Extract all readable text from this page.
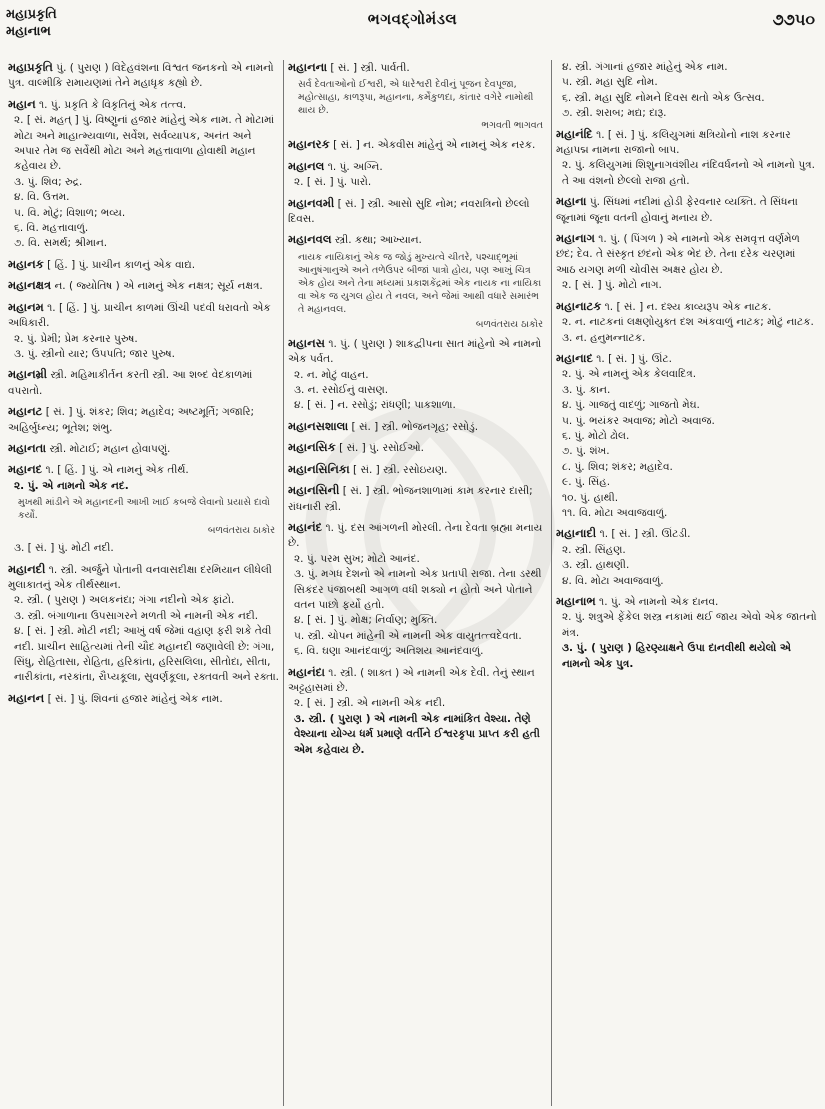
મહાપ્રકૃતિ
મહાનાભ
ભગવદ્ગોમંડલ	૭૭૫૦

મહાપ્રકૃતિ પું. ( પુરાણ ) વિદેહવંશના વિશ્વત જનકનો એ નામનો પુત્ર. વાલ્મીકિ રામાયણમાં તેને મહાધૃક કહ્યો છે.

મહાન ૧. પું. પ્રકૃતિ કે વિકૃતિનું એક તત્ત્વ.

૨. [ સં. મહત્ ] પું. વિષ્ણુનાં હજાર માંહેનું એક નામ. તે મોટામાં મોટા અને માહાત્મ્યવાળા, સર્વેશ, સર્વવ્યાપક, અનંત અને અપાર તેમ જ સર્વેથી મોટા અને મહત્તાવાળા હોવાથી મહાન કહેવાય છે.

૩. પું. શિવ; રુદ્ર.

૪. વિ. ઉત્તમ.

૫. વિ. મોટું; વિશાળ; ભવ્ય.

૬. વિ. મહત્તાવાળું.

૭. વિ. સમર્થ; શ્રીમાન.

મહાનક [ હિં. ] પું. પ્રાચીન કાળનું એક વાદ્ય.

મહાનક્ષત્ર ન. ( જ્યોતિષ ) એ નામનું એક નક્ષત્ર; સૂર્ય નક્ષત્ર.

મહાનમ ૧. [ હિં. ] પું. પ્રાચીન કાળમાં ઊંચી પદવી ધરાવતો એક અધિકારી.

૨. પું. પ્રેમી; પ્રેમ કરનાર પુરુષ.

૩. પું. સ્ત્રીનો યાર; ઉપપતિ; જાર પુરુષ.

મહાનમ્રી સ્ત્રી. મહિમાકીર્તન કરતી સ્ત્રી. આ શબ્દ વેદકાળમાં વપરાતો.

મહાનટ [ સં. ] પું. શંકર; શિવ; મહાદેવ; અષ્ટમૂર્તિ; ગજારિ; અહિર્બુધ્ન્ય; ભૂતેશ; શંભુ.

મહાનતા સ્ત્રી. મોટાઈ; મહાન હોવાપણું.

મહાનદ ૧. [ હિં. ] પું. એ નામનું એક તીર્થ.

૨. પું. એ નામનો એક નદ.

મુખથી માંડીને એ મહાનદની આખી ખાઈ કબજે લેવાનો પ્રયાસે દાવો કર્યો.

બળવંતરાય ઠાકોર

૩. [ સં. ] પું. મોટી નદી.

મહાનદી ૧. સ્ત્રી. અર્જુને પોતાની વનવાસદીક્ષા દરમિયાન લીધેલી મુલાકાતનું એક તીર્થસ્થાન.

૨. સ્ત્રી. ( પુરાણ ) અલકનંદા; ગંગા નદીનો એક ફાંટો.

૩. સ્ત્રી. બંગાળાના ઉપસાગરને મળતી એ નામની એક નદી.

૪. [ સં. ] સ્ત્રી. મોટી નદી; આખું વર્ષ જેમાં વહાણ ફરી શકે તેવી નદી. પ્રાચીન સાહિત્યમાં તેની ચૌદ મહાનદી જણાવેલી છે: ગંગા, સિંધુ, રોહિતાસા, રોહિતા, હરિકાંતા, હરિસલિલા, સીતોદા, સીતા, નારીકાંતા, નરકાંતા, રૌપ્યકૂલા, સુવર્ણકૂલા, રક્તવતી અને રક્તા.

મહાનન [ સં. ] પું. શિવનાં હજાર માંહેનું એક નામ.

મહાનના [ સં. ] સ્ત્રી. પાર્વતી.

સર્વ દેવતાઓનો ઈશ્વરી, એ ધારેશ્વરી દેવીનું પૂજન દેવપૂજા, મહોત્સાહા, કાળરૂપા, મહાનના, કર્મેકુળદા, કાંતાર વગેરે નામોથી થાય છે.

ભગવતી ભાગવત

મહાનરક [ સં. ] ન. એકવીસ માંહેનું એ નામનું એક નરક.

મહાનલ ૧. પું. અગ્નિ.

૨. [ સં. ] પું. પારો.

મહાનવમી [ સં. ] સ્ત્રી. આસો સુદિ નોમ; નવરાત્રિનો છેલ્લો દિવસ.

મહાનવલ સ્ત્રી. કથા; આખ્યાન.

નાયક નાયિકાનું એક જ જોડું મુખ્યત્વે ચીતરે, પશ્ચાદ્ભૂમાં આનુષંગાનુએ અને તળેઉપર બીજાં પાત્રો હોય, પણ આખું ચિત્ર એક હોય અને તેના મધ્યમાં પ્રકાશકેંદ્રમાં એક નાયક ના નાયિકા વા એક જ યુગલ હોય તે નવલ, અને જેમાં આથી વધારે સમારંભ તે મહાનવલ.

બળવંતરાય ઠાકોર

મહાનસ ૧. પું. ( પુરાણ ) શાકદ્વીપના સાત માંહેનો એ નામનો એક પર્વત.

૨. ન. મોટું વાહન.

૩. ન. રસોઈનું વાસણ.

૪. [ સં. ] ન. રસોડું; રાંધણી; પાકશાળા.

મહાનસશાલા [ સં. ] સ્ત્રી. ભોજનગૃહ; રસોડું.

મહાનસિક [ સં. ] પું. રસોઈઓ.

મહાનસિનિકા [ સં. ] સ્ત્રી. રસોઇયણ.

મહાનસિની [ સં. ] સ્ત્રી. ભોજનશાળામાં કામ કરનાર દાસી; રાંધનારી સ્ત્રી.

મહાનંદ ૧. પું. દસ આંગળની મોરલી. તેના દેવતા બ્રહ્મા મનાય છે.

૨. પું. પરમ સુખ; મોટો આનંદ.

૩. પું. મગધ દેશનો એ નામનો એક પ્રતાપી રાજા. તેના ડરથી સિકંદર પંજાબથી આગળ વધી શક્યો ન હોતો અને પોતાને વતન પાછો ફર્યો હતો.

૪. [ સં. ] પું. મોક્ષ; નિર્વાણ; મુક્તિ.

૫. સ્ત્રી. ચોપન માંહેની એ નામની એક વાયુતત્ત્વદેવતા.

૬. વિ. ઘણા આનંદવાળું; અતિશય આનંદવાળું.

મહાનંદા ૧. સ્ત્રી. ( શાક્ત ) એ નામની એક દેવી. તેનું સ્થાન અટ્ટહાસમાં છે.

૨. [ સં. ] સ્ત્રી. એ નામની એક નદી.

૩. સ્ત્રી. ( પુરાણ ) એ નામની એક નામાંકિત વેશ્યા. તેણે વેશ્યાના યોગ્ય ધર્મ પ્રમાણે વર્તીને ઈશ્વરકૃપા પ્રાપ્ત કરી હતી એમ કહેવાય છે.

૪. સ્ત્રી. ગંગાનાં હજાર માંહેનું એક નામ.

૫. સ્ત્રી. મહા સુદિ નોમ.

૬. સ્ત્રી. મહા સુદિ નોમને દિવસ થતો એક ઉત્સવ.

૭. સ્ત્રી. શરાબ; મદ્ય; દારૂ.

મહાનંદિ ૧. [ સં. ] પું. કલિયુગમાં ક્ષત્રિયોનો નાશ કરનાર મહાપદ્મ નામના રાજાનો બાપ.

૨. પું. કલિયુગમાં શિશુનાગવંશીય નંદિવર્ધનનો એ નામનો પુત્ર. તે આ વંશનો છેલ્લો રાજા હતો.

મહાના પું. સિંધમાં નદીમાં હોડી ફેરવનાર વ્યક્તિ. તે સિંધના જૂનામાં જૂના વતની હોવાનું મનાય છે.

મહાનાગ ૧. પું. ( પિંગળ ) એ નામનો એક સમવૃત્ત વર્ણમેળ છંદ; દેવ. તે સંસ્કૃત છંદનો એક ભેદ છે. તેના દરેક ચરણમાં આઠ યગણ મળી ચોવીસ અક્ષર હોય છે.

૨. [ સં. ] પું. મોટો નાગ.

મહાનાટક ૧. [ સં. ] ન. દશ્ય કાવ્યરૂપ એક નાટક.

૨. ન. નાટકનાં લક્ષણોયુક્ત દશ અંકવાળું નાટક; મોટું નાટક.

૩. ન. હનુમન્નાટક.

મહાનાદ ૧. [ સં. ] પું. ઊંટ.

૨. પું. એ નામનું એક કેલવાદિત્ર.

૩. પું. કાન.

૪. પું. ગાજતું વાદળું; ગાજતો મેઘ.

૫. પું. ભયંકર અવાજ; મોટો અવાજ.

૬. પું. મોટો ઢોલ.

૭. પું. શંખ.

૮. પું. શિવ; શંકર; મહાદેવ.

૯. પું. સિંહ.

૧૦. પું. હાથી.

૧૧. વિ. મોટા અવાજવાળું.

મહાનાદી ૧. [ સં. ] સ્ત્રી. ઊંટડી.

૨. સ્ત્રી. સિંહણ.

૩. સ્ત્રી. હાથણી.

૪. વિ. મોટા અવાજવાળું.

મહાનાભ ૧. પું. એ નામનો એક દાનવ.

૨. પું. શત્રુએ ફેંકેલ શસ્ત્ર નકામાં થઈ જાય એવો એક જાતનો મંત્ર.

૩. પું. ( પુરાણ ) હિરણ્યાક્ષને ઉપા દાનવીથી થયેલો એ નામનો એક પુત્ર.
